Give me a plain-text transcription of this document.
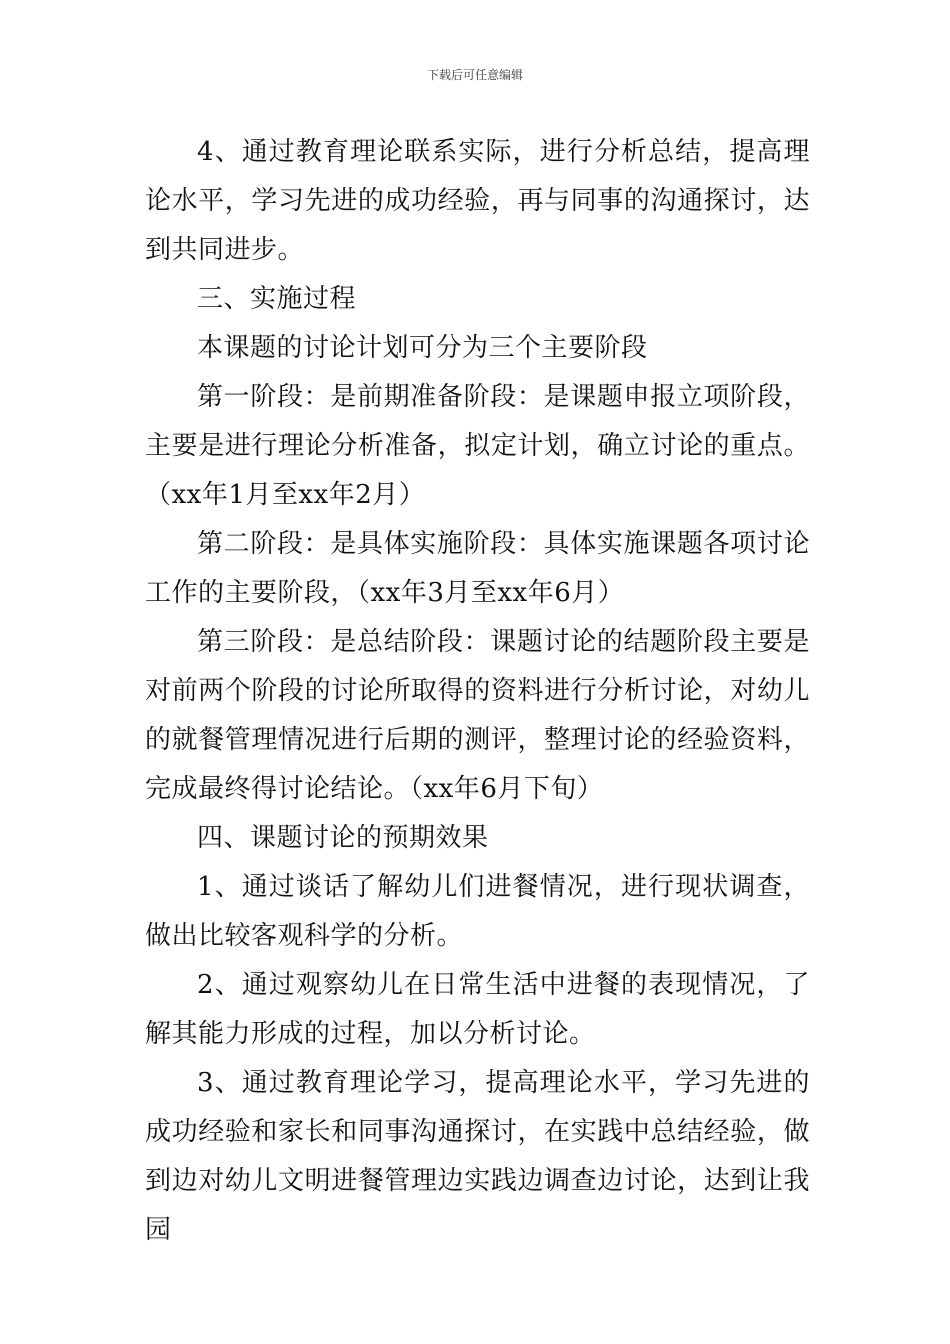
下载后可任意编辑

4、通过教育理论联系实际，进行分析总结，提高理论水平，学习先进的成功经验，再与同事的沟通探讨，达到共同进步。

三、实施过程

本课题的讨论计划可分为三个主要阶段

第一阶段：是前期准备阶段：是课题申报立项阶段，主要是进行理论分析准备，拟定计划，确立讨论的重点。（xx年1月至xx年2月）

第二阶段：是具体实施阶段：具体实施课题各项讨论工作的主要阶段，（xx年3月至xx年6月）

第三阶段：是总结阶段：课题讨论的结题阶段主要是对前两个阶段的讨论所取得的资料进行分析讨论，对幼儿的就餐管理情况进行后期的测评，整理讨论的经验资料，完成最终得讨论结论。（xx年6月下旬）

四、课题讨论的预期效果

1、通过谈话了解幼儿们进餐情况，进行现状调查，做出比较客观科学的分析。

2、通过观察幼儿在日常生活中进餐的表现情况，了解其能力形成的过程，加以分析讨论。

3、通过教育理论学习，提高理论水平，学习先进的成功经验和家长和同事沟通探讨，在实践中总结经验，做到边对幼儿文明进餐管理边实践边调查边讨论，达到让我园
